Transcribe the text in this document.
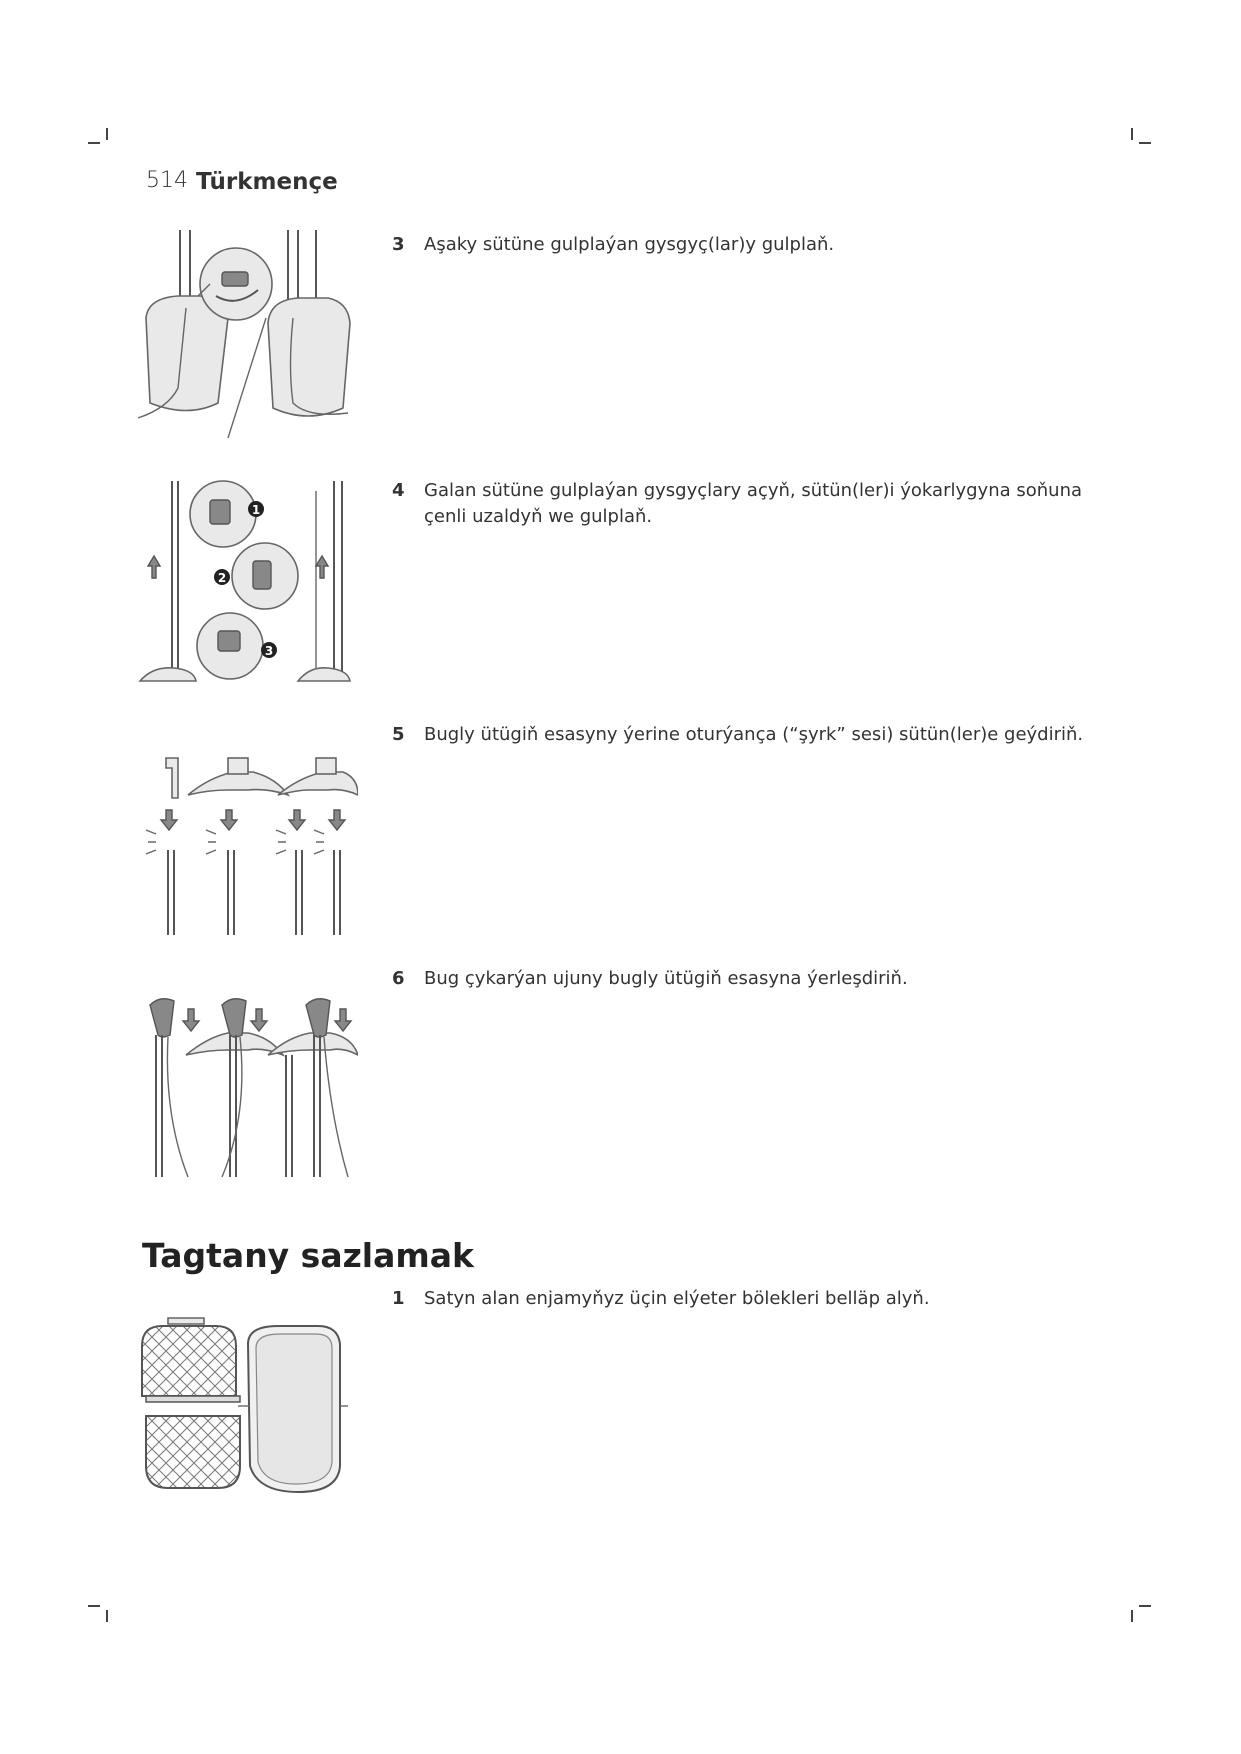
514 Türkmençe
1
2
3
3 Aşaky sütüne gulplaýan gysgyç(lar)y gulplaň.
4 Galan sütüne gulplaýan gysgyçlary açyň, sütün(ler)i ýokarlygyna soňuna çenli uzaldyň we gulplaň.
5 Bugly ütügiň esasyny ýerine oturýança (“şyrk” sesi) sütün(ler)e geýdiriň.
6 Bug çykarýan ujuny bugly ütügiň esasyna ýerleşdiriň.
Tagtany sazlamak
1 Satyn alan enjamyňyz üçin elýeter bölekleri belläp alyň.
